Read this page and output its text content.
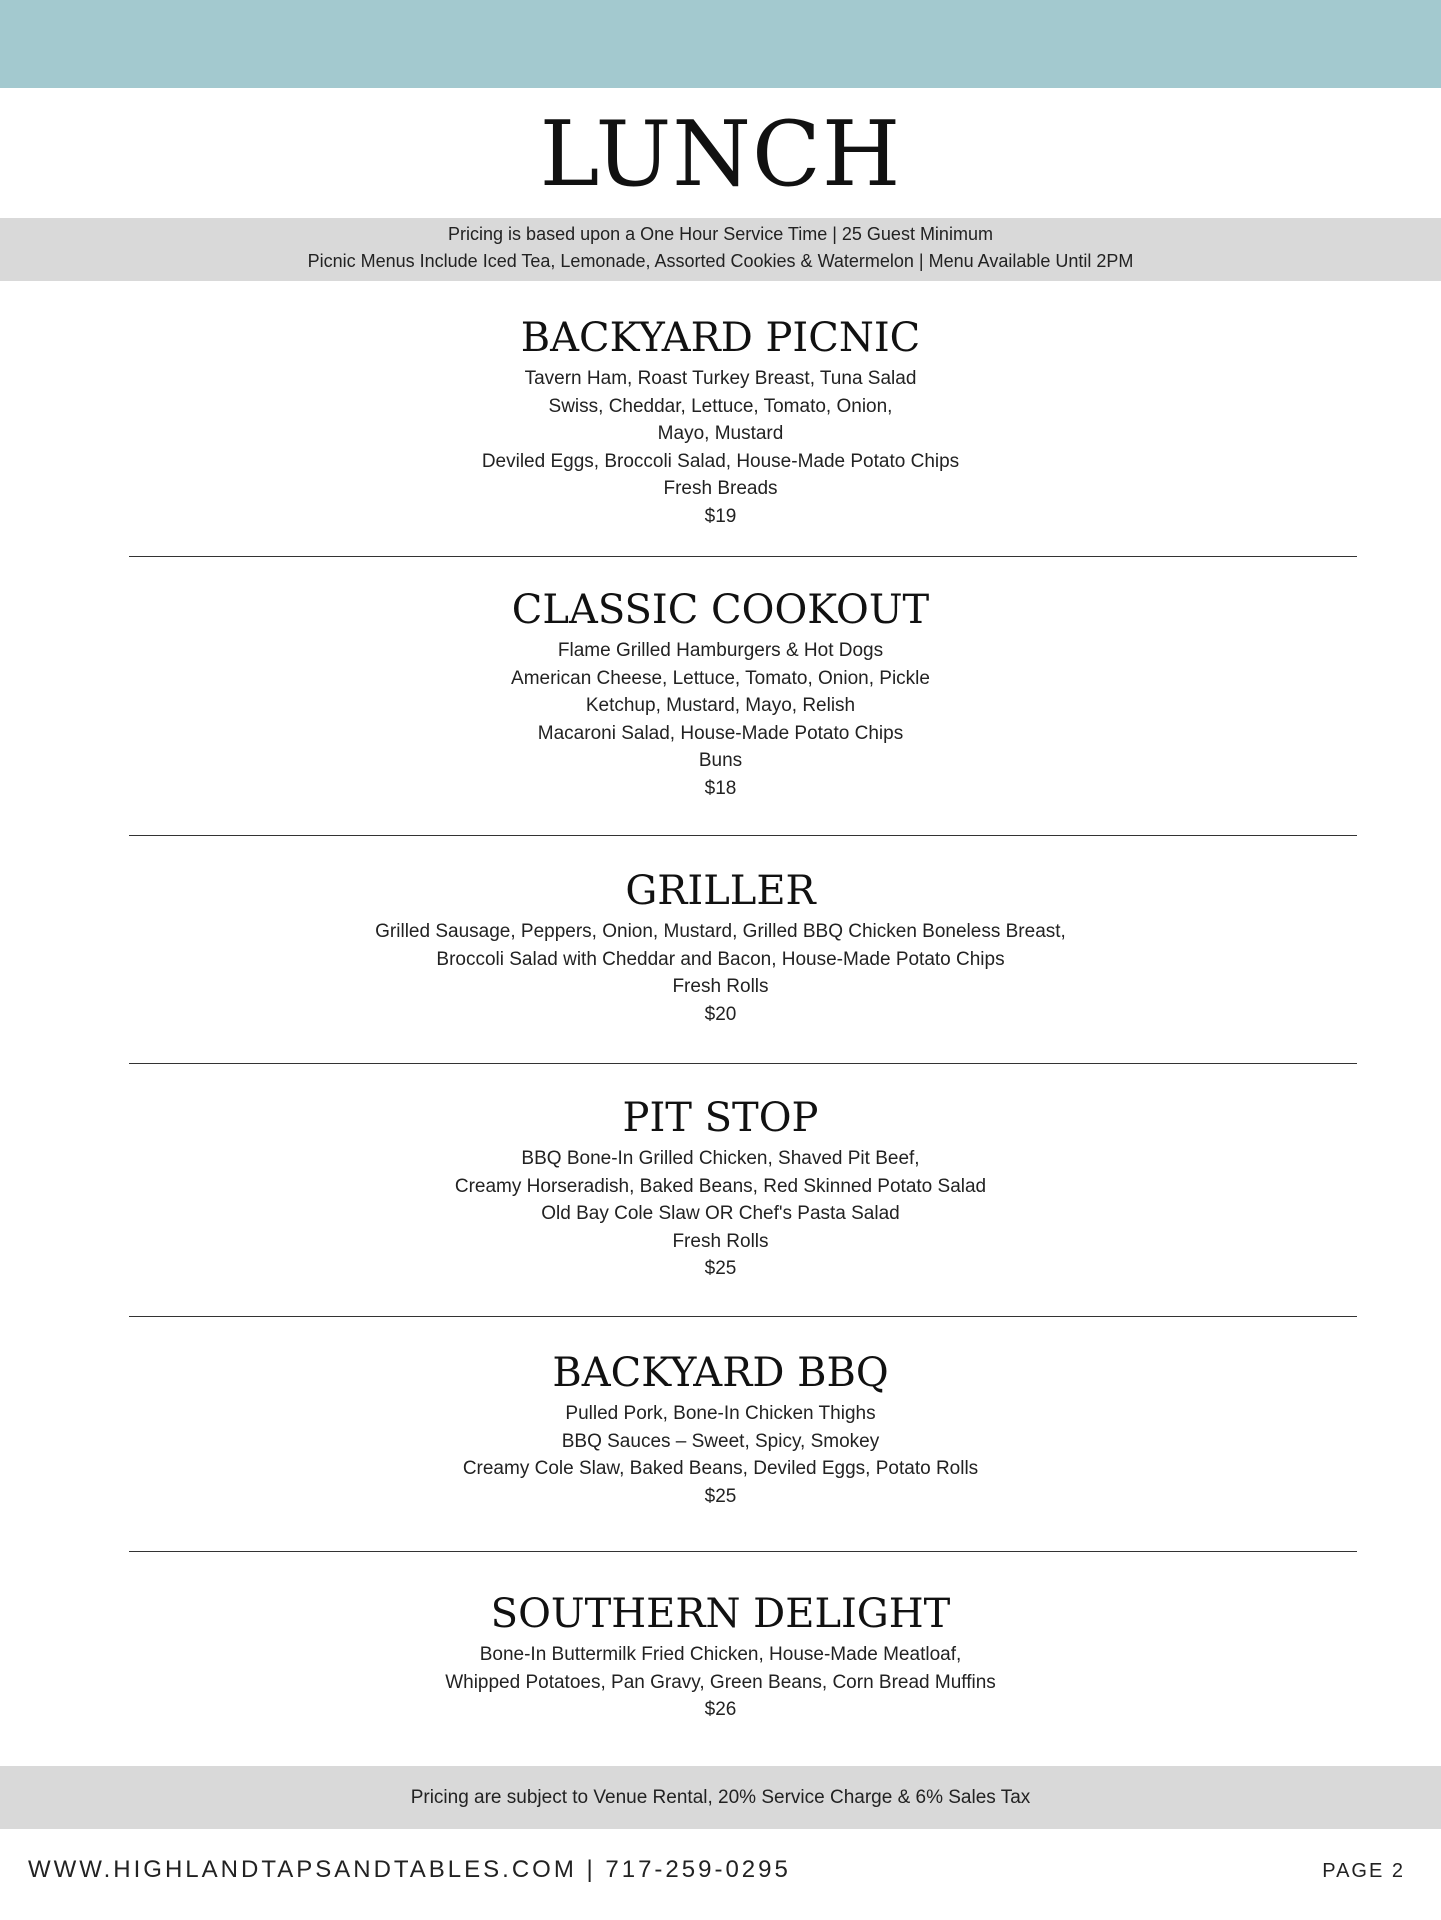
LUNCH
Pricing is based upon a One Hour Service Time | 25 Guest Minimum
Picnic Menus Include Iced Tea, Lemonade, Assorted Cookies & Watermelon | Menu Available Until 2PM
BACKYARD PICNIC
Tavern Ham, Roast Turkey Breast, Tuna Salad
Swiss, Cheddar, Lettuce, Tomato, Onion,
Mayo, Mustard
Deviled Eggs, Broccoli Salad, House-Made Potato Chips
Fresh Breads
$19
CLASSIC COOKOUT
Flame Grilled Hamburgers & Hot Dogs
American Cheese, Lettuce, Tomato, Onion, Pickle
Ketchup, Mustard, Mayo, Relish
Macaroni Salad, House-Made Potato Chips
Buns
$18
GRILLER
Grilled Sausage, Peppers, Onion, Mustard, Grilled BBQ Chicken Boneless Breast,
Broccoli Salad with Cheddar and Bacon, House-Made Potato Chips
Fresh Rolls
$20
PIT STOP
BBQ Bone-In Grilled Chicken, Shaved Pit Beef,
Creamy Horseradish, Baked Beans, Red Skinned Potato Salad
Old Bay Cole Slaw OR Chef's Pasta Salad
Fresh Rolls
$25
BACKYARD BBQ
Pulled Pork, Bone-In Chicken Thighs
BBQ Sauces – Sweet, Spicy, Smokey
Creamy Cole Slaw, Baked Beans, Deviled Eggs, Potato Rolls
$25
SOUTHERN DELIGHT
Bone-In Buttermilk Fried Chicken, House-Made Meatloaf,
Whipped Potatoes, Pan Gravy, Green Beans, Corn Bread Muffins
$26
Pricing are subject to Venue Rental, 20% Service Charge & 6% Sales Tax
WWW.HIGHLANDTAPSANDTABLES.COM | 717-259-0295	PAGE 2
